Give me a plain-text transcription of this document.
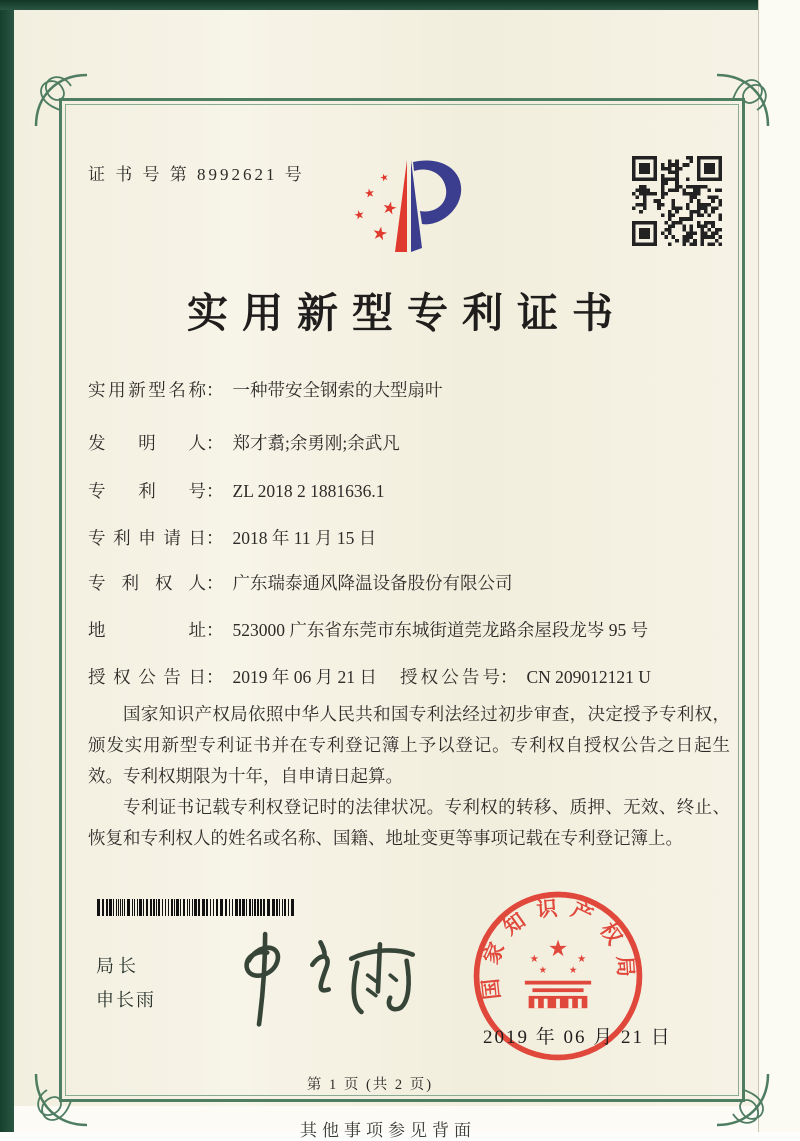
证 书 号 第 8992621 号	★
★
★
★
★
实用新型专利证书
实用新型名称： 一种带安全钢索的大型扇叶
发明人： 郑才翥;余勇刚;余武凡
专利号： ZL 2018 2 1881636.1
专利申请日： 2018 年 11 月 15 日
专利权人： 广东瑞泰通风降温设备股份有限公司
地址： 523000 广东省东莞市东城街道莞龙路余屋段龙岑 95 号
授权公告日： 2019 年 06 月 21 日 授权公告号： CN 209012121 U

国家知识产权局依照中华人民共和国专利法经过初步审查，决定授予专利权，颁发实用新型专利证书并在专利登记簿上予以登记。专利权自授权公告之日起生效。专利权期限为十年，自申请日起算。

专利证书记载专利权登记时的法律状况。专利权的转移、质押、无效、终止、恢复和专利权人的姓名或名称、国籍、地址变更等事项记载在专利登记簿上。

局长
申长雨	国家知识产权局
★
★	★
★ ★
2019 年 06 月 21 日
第 1 页 (共 2 页)
其他事项参见背面
